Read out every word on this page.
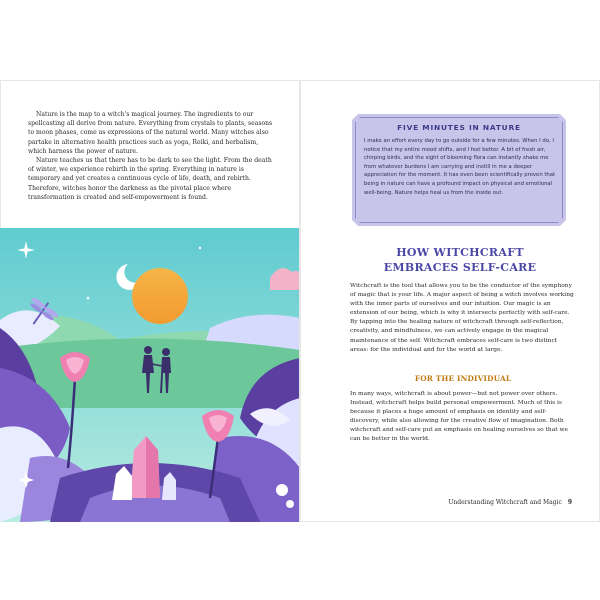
Nature is the map to a witch's magical journey. The ingredients to our spellcasting all derive from nature. Everything from crystals to plants, seasons to moon phases, come as expressions of the natural world. Many witches also partake in alternative health practices such as yoga, Reiki, and herbalism, which harness the power of nature.

Nature teaches us that there has to be dark to see the light. From the death of winter, we experience rebirth in the spring. Everything in nature is temporary and yet creates a continuous cycle of life, death, and rebirth. Therefore, witches honor the darkness as the pivotal place where transformation is created and self-empowerment is found.

FIVE MINUTES IN NATURE
I make an effort every day to go outside for a few minutes. When I do, I notice that my entire mood shifts, and I feel better. A bit of fresh air, chirping birds, and the sight of blooming flora can instantly shake me from whatever burdens I am carrying and instill in me a deeper appreciation for the moment. It has even been scientifically proven that being in nature can have a profound impact on physical and emotional well-being. Nature helps heal us from the inside out.
HOW WITCHCRAFT
EMBRACES SELF-CARE

Witchcraft is the tool that allows you to be the conductor of the symphony of magic that is your life. A major aspect of being a witch involves working with the inner parts of ourselves and our intuition. Our magic is an extension of our being, which is why it intersects perfectly with self-care. By tapping into the healing nature of witchcraft through self-reflection, creativity, and mindfulness, we can actively engage in the magical maintenance of the self. Witchcraft embraces self-care is two distinct areas: for the individual and for the world at large.

FOR THE INDIVIDUAL

In many ways, witchcraft is about power—but not power over others. Instead, witchcraft helps build personal empowerment. Much of this is because it places a huge amount of emphasis on identity and self-discovery, while also allowing for the creative flow of imagination. Both witchcraft and self-care put an emphasis on healing ourselves so that we can be better in the world.

Understanding Witchcraft and Magic 9
